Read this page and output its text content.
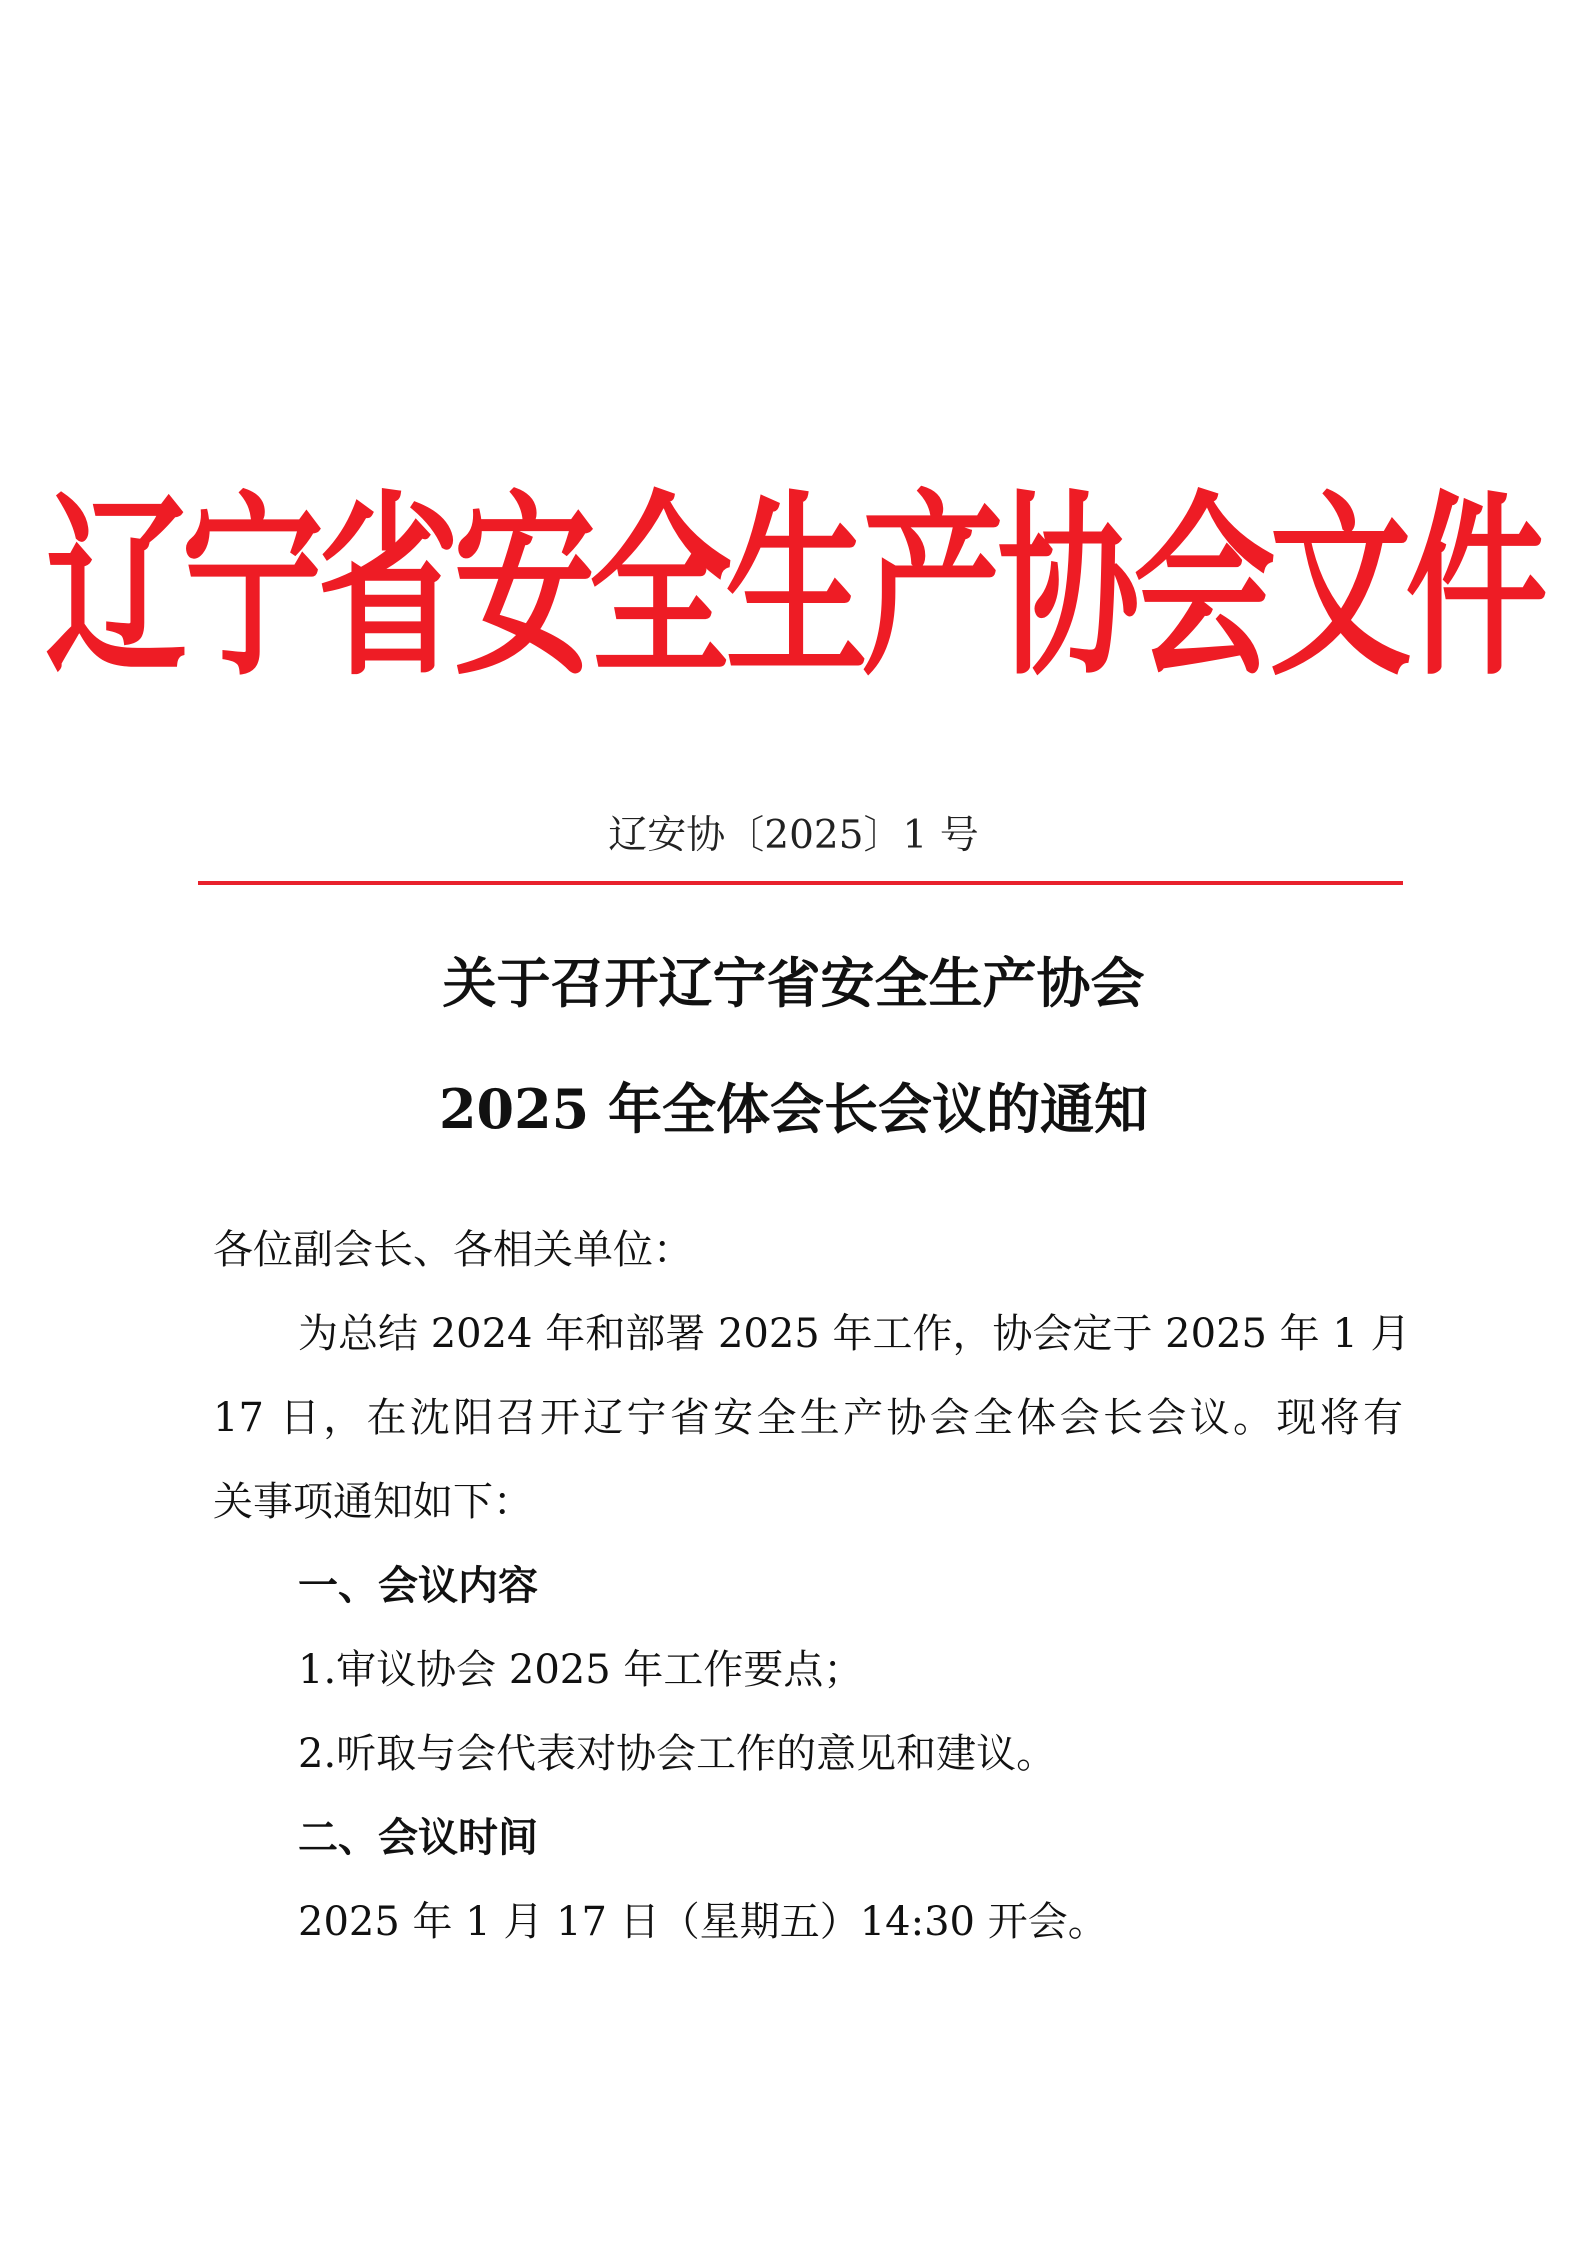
辽宁省安全生产协会文件
辽安协〔2025〕1 号
关于召开辽宁省安全生产协会
2025 年全体会长会议的通知
各位副会长、各相关单位：
为总结 2024 年和部署 2025 年工作，协会定于 2025 年 1 月
17 日，在沈阳召开辽宁省安全生产协会全体会长会议。现将有
关事项通知如下：
一、会议内容
1.审议协会 2025 年工作要点；
2.听取与会代表对协会工作的意见和建议。
二、会议时间
2025 年 1 月 17 日（星期五）14:30 开会。
